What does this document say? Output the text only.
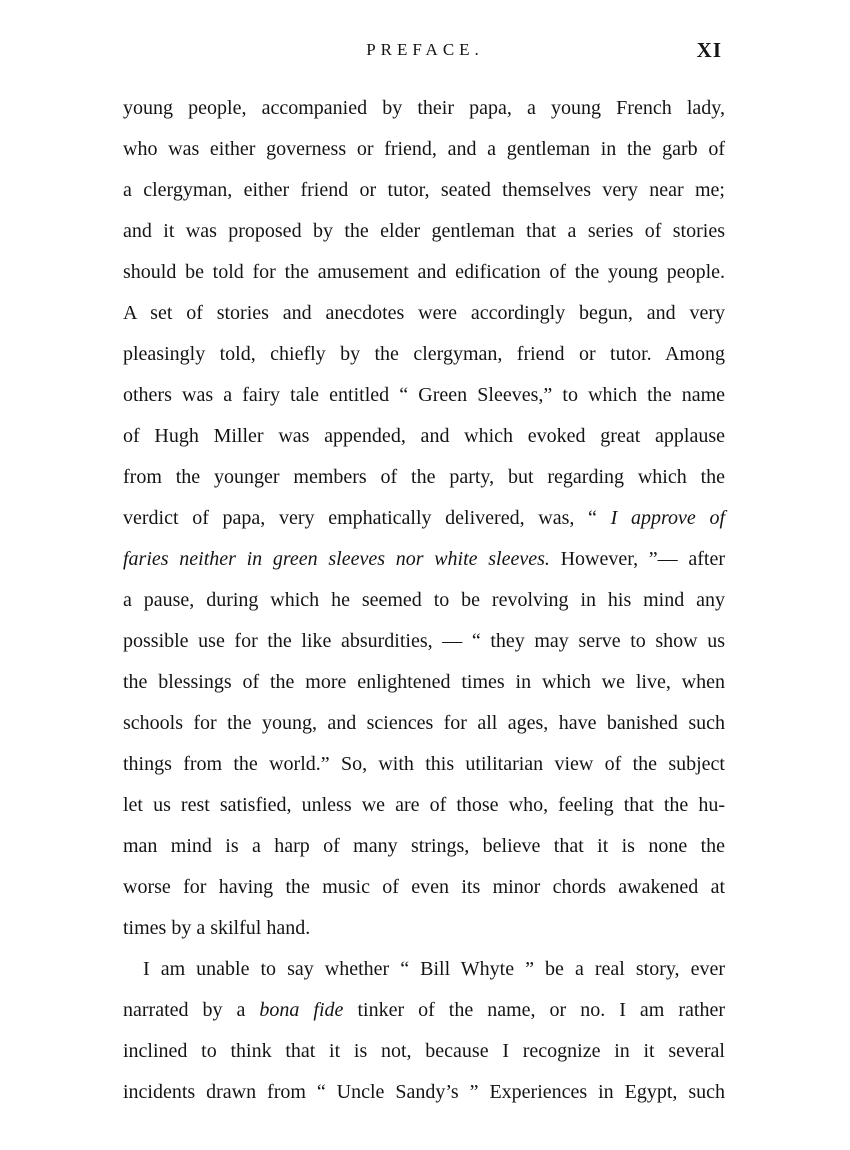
PREFACE.	XI
young people, accompanied by their papa, a young French lady,
who was either governess or friend, and a gentleman in the garb of
a clergyman, either friend or tutor, seated themselves very near me;
and it was proposed by the elder gentleman that a series of stories
should be told for the amusement and edification of the young people.
A set of stories and anecdotes were accordingly begun, and very
pleasingly told, chiefly by the clergyman, friend or tutor. Among
others was a fairy tale entitled “ Green Sleeves,” to which the name
of Hugh Miller was appended, and which evoked great applause
from the younger members of the party, but regarding which the
verdict of papa, very emphatically delivered, was, “ I approve of
faries neither in green sleeves nor white sleeves. However, ”— after
a pause, during which he seemed to be revolving in his mind any
possible use for the like absurdities, — “ they may serve to show us
the blessings of the more enlightened times in which we live, when
schools for the young, and sciences for all ages, have banished such
things from the world.” So, with this utilitarian view of the subject
let us rest satisfied, unless we are of those who, feeling that the hu-
man mind is a harp of many strings, believe that it is none the
worse for having the music of even its minor chords awakened at
times by a skilful hand.
I am unable to say whether “ Bill Whyte ” be a real story, ever
narrated by a bona fide tinker of the name, or no. I am rather
inclined to think that it is not, because I recognize in it several
incidents drawn from “ Uncle Sandy’s ” Experiences in Egypt, such
